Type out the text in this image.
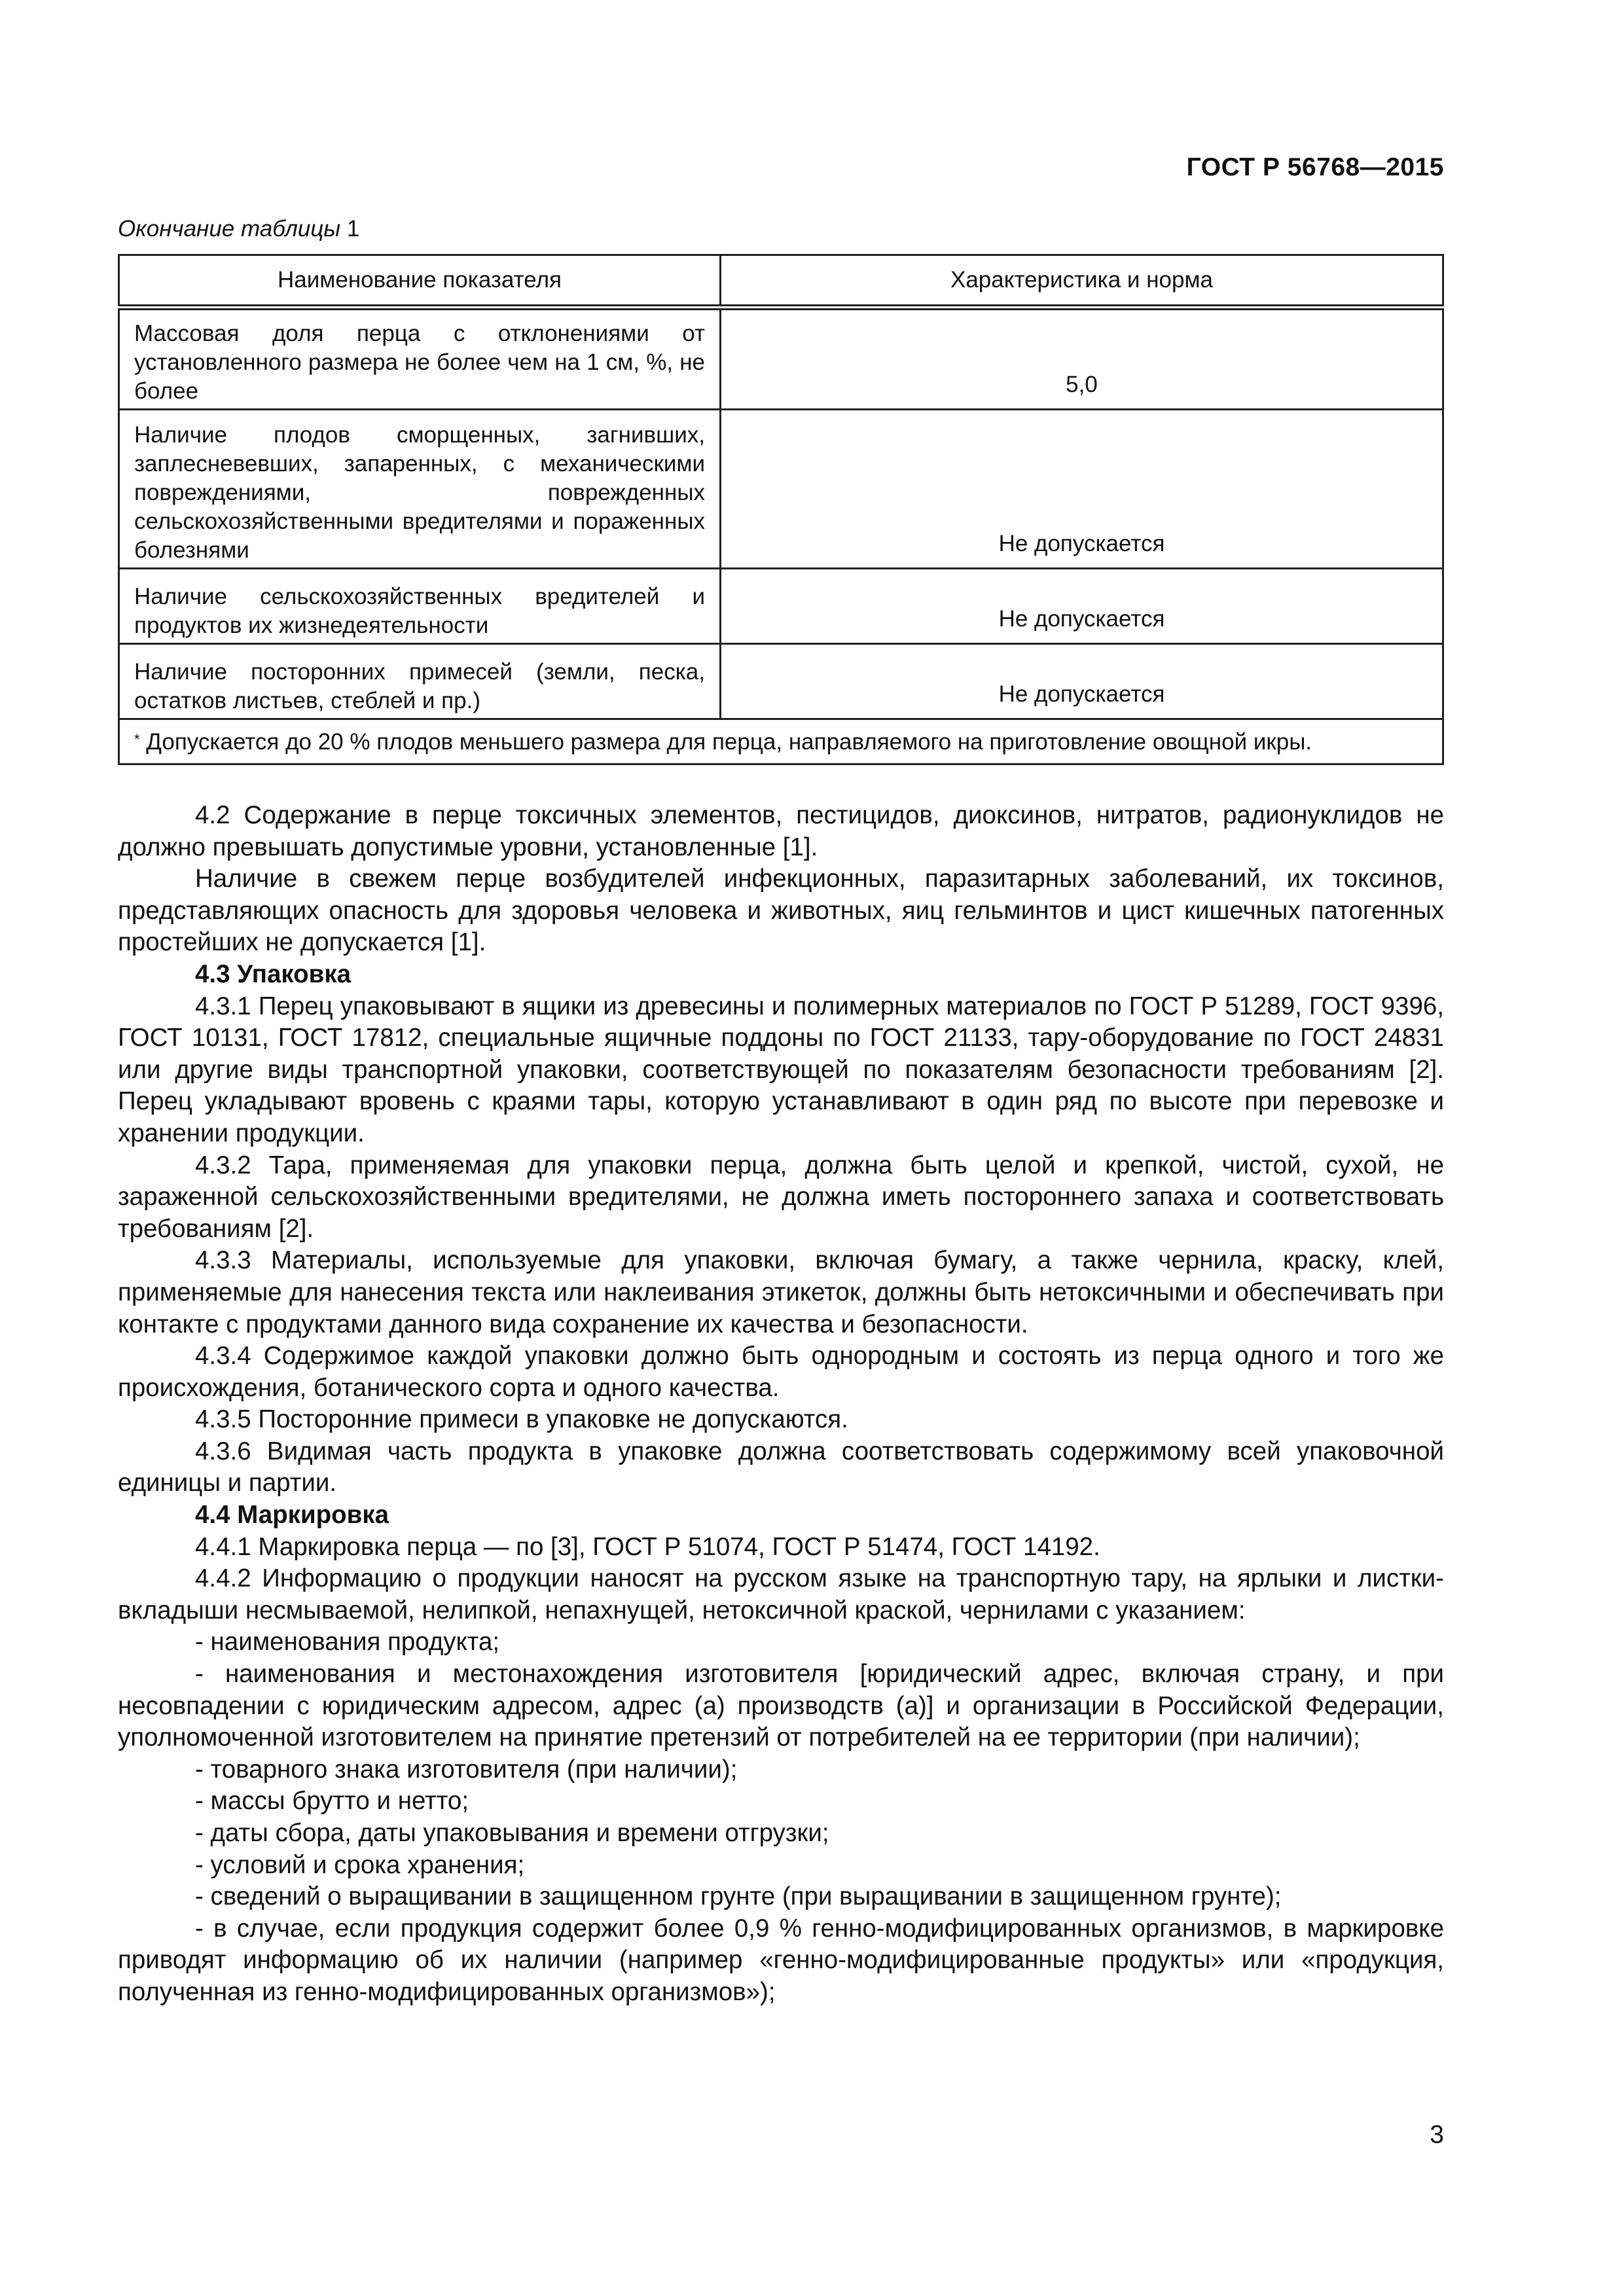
ГОСТ Р 56768—2015
Окончание таблицы 1
Наименование показателя	Характеристика и норма
Массовая доля перца с отклонениями от установленного размера не более чем на 1 см, %, не более	5,0
Наличие плодов сморщенных, загнивших, заплесневевших, запаренных, с механическими повреждениями, поврежденных сельскохозяйственными вредителями и пораженных болезнями	Не допускается
Наличие сельскохозяйственных вредителей и продуктов их жизнедеятельности	Не допускается
Наличие посторонних примесей (земли, песка, остатков листьев, стеблей и пр.)	Не допускается
* Допускается до 20 % плодов меньшего размера для перца, направляемого на приготовление овощной икры.	

4.2 Содержание в перце токсичных элементов, пестицидов, диоксинов, нитратов, радионуклидов не должно превышать допустимые уровни, установленные [1].

Наличие в свежем перце возбудителей инфекционных, паразитарных заболеваний, их токсинов, представляющих опасность для здоровья человека и животных, яиц гельминтов и цист кишечных патогенных простейших не допускается [1].

4.3 Упаковка

4.3.1 Перец упаковывают в ящики из древесины и полимерных материалов по ГОСТ Р 51289, ГОСТ 9396, ГОСТ 10131, ГОСТ 17812, специальные ящичные поддоны по ГОСТ 21133, тару-оборудование по ГОСТ 24831 или другие виды транспортной упаковки, соответствующей по показателям безопасности требованиям [2]. Перец укладывают вровень с краями тары, которую устанавливают в один ряд по высоте при перевозке и хранении продукции.

4.3.2 Тара, применяемая для упаковки перца, должна быть целой и крепкой, чистой, сухой, не зараженной сельскохозяйственными вредителями, не должна иметь постороннего запаха и соответствовать требованиям [2].

4.3.3 Материалы, используемые для упаковки, включая бумагу, а также чернила, краску, клей, применяемые для нанесения текста или наклеивания этикеток, должны быть нетоксичными и обеспечивать при контакте с продуктами данного вида сохранение их качества и безопасности.

4.3.4 Содержимое каждой упаковки должно быть однородным и состоять из перца одного и того же происхождения, ботанического сорта и одного качества.

4.3.5 Посторонние примеси в упаковке не допускаются.

4.3.6 Видимая часть продукта в упаковке должна соответствовать содержимому всей упаковочной единицы и партии.

4.4 Маркировка

4.4.1 Маркировка перца — по [3], ГОСТ Р 51074, ГОСТ Р 51474, ГОСТ 14192.

4.4.2 Информацию о продукции наносят на русском языке на транспортную тару, на ярлыки и листки-вкладыши несмываемой, нелипкой, непахнущей, нетоксичной краской, чернилами с указанием:

- наименования продукта;

- наименования и местонахождения изготовителя [юридический адрес, включая страну, и при несовпадении с юридическим адресом, адрес (а) производств (а)] и организации в Российской Федерации, уполномоченной изготовителем на принятие претензий от потребителей на ее территории (при наличии);

- товарного знака изготовителя (при наличии);

- массы брутто и нетто;

- даты сбора, даты упаковывания и времени отгрузки;

- условий и срока хранения;

- сведений о выращивании в защищенном грунте (при выращивании в защищенном грунте);

- в случае, если продукция содержит более 0,9 % генно-модифицированных организмов, в маркировке приводят информацию об их наличии (например «генно-модифицированные продукты» или «продукция, полученная из генно-модифицированных организмов»);

3
